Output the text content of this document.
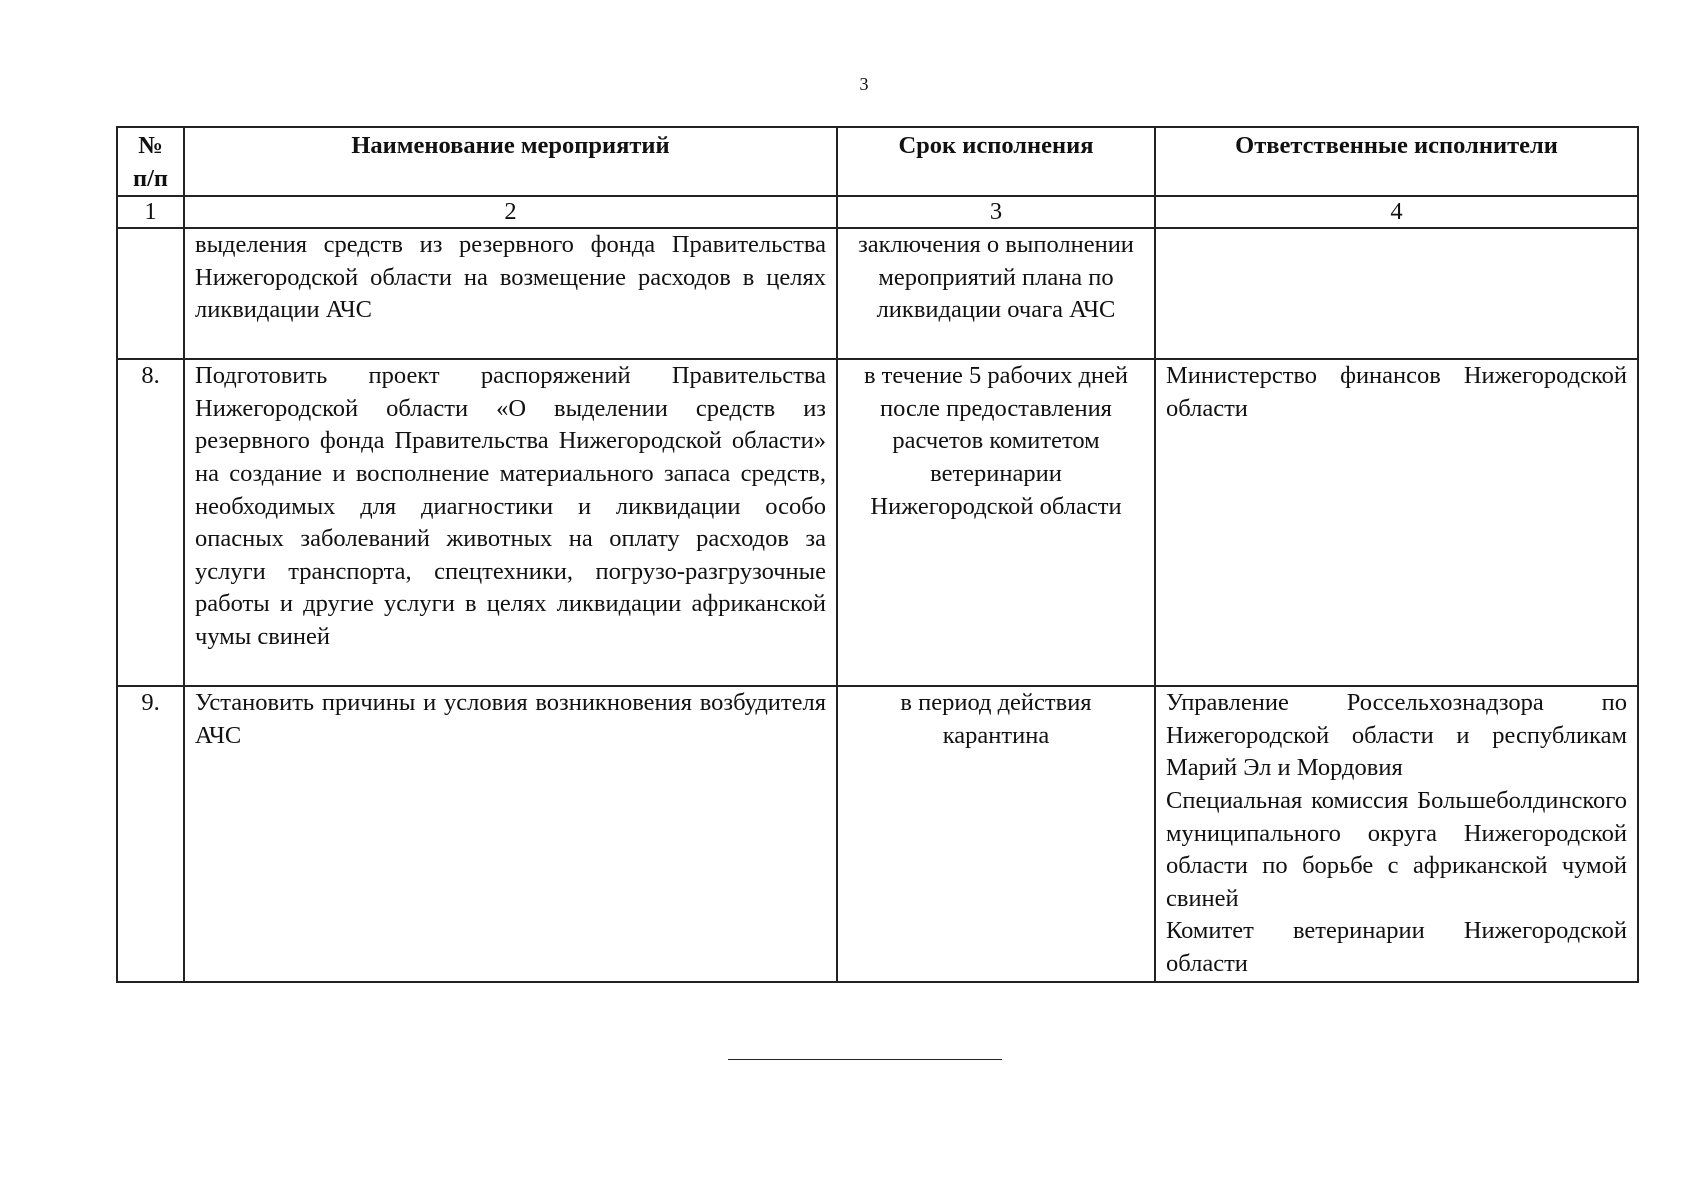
3
№ п/п	Наименование мероприятий	Срок исполнения	Ответственные исполнители
1	2	3	4
	выделения средств из резервного фонда Правительства Нижегородской области на возмещение расходов в целях ликвидации АЧС	заключения о выполнении мероприятий плана по ликвидации очага АЧС	
8.	Подготовить проект распоряжений Правительства Нижегородской области «О выделении средств из резервного фонда Правительства Нижегородской области» на создание и восполнение материального запаса средств, необходимых для диагностики и ликвидации особо опасных заболеваний животных на оплату расходов за услуги транспорта, спецтехники, погрузо-разгрузочные работы и другие услуги в целях ликвидации африканской чумы свиней	в течение 5 рабочих дней после предоставления расчетов комитетом ветеринарии Нижегородской области	Министерство финансов Нижегородской области

9.	Установить причины и условия возникновения возбудителя АЧС	в период действия карантина	Управление Россельхознадзора по Нижегородской области и республикам Марий Эл и Мордовия
Специальная комиссия Большеболдинского муниципального округа Нижегородской области по борьбе с африканской чумой свиней
Комитет ветеринарии Нижегородской области
